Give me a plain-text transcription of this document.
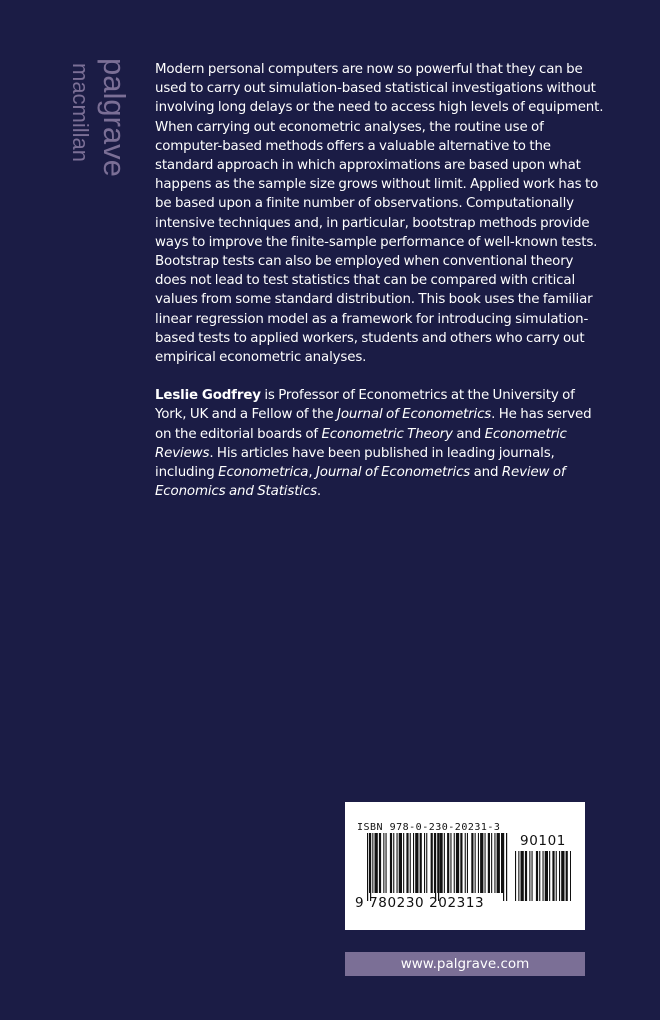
palgrave
macmillan	Modern personal computers are now so powerful that they can be used to carry out simulation-based statistical investigations without involving long delays or the need to access high levels of equipment. When carrying out econometric analyses, the routine use of computer-based methods offers a valuable alternative to the standard approach in which approximations are based upon what happens as the sample size grows without limit. Applied work has to be based upon a finite number of observations. Computationally intensive techniques and, in particular, bootstrap methods provide ways to improve the finite-sample performance of well-known tests. Bootstrap tests can also be employed when conventional theory does not lead to test statistics that can be compared with critical values from some standard distribution. This book uses the familiar linear regression model as a framework for introducing simulation-based tests to applied workers, students and others who carry out empirical econometric analyses.

Leslie Godfrey is Professor of Econometrics at the University of York, UK and a Fellow of the Journal of Econometrics. He has served on the editorial boards of Econometric Theory and Econometric Reviews. His articles have been published in leading journals, including Econometrica, Journal of Econometrics and Review of Economics and Statistics.

ISBN 978-0-230-20231-3
90101
9 780230 202313
www.palgrave.com
